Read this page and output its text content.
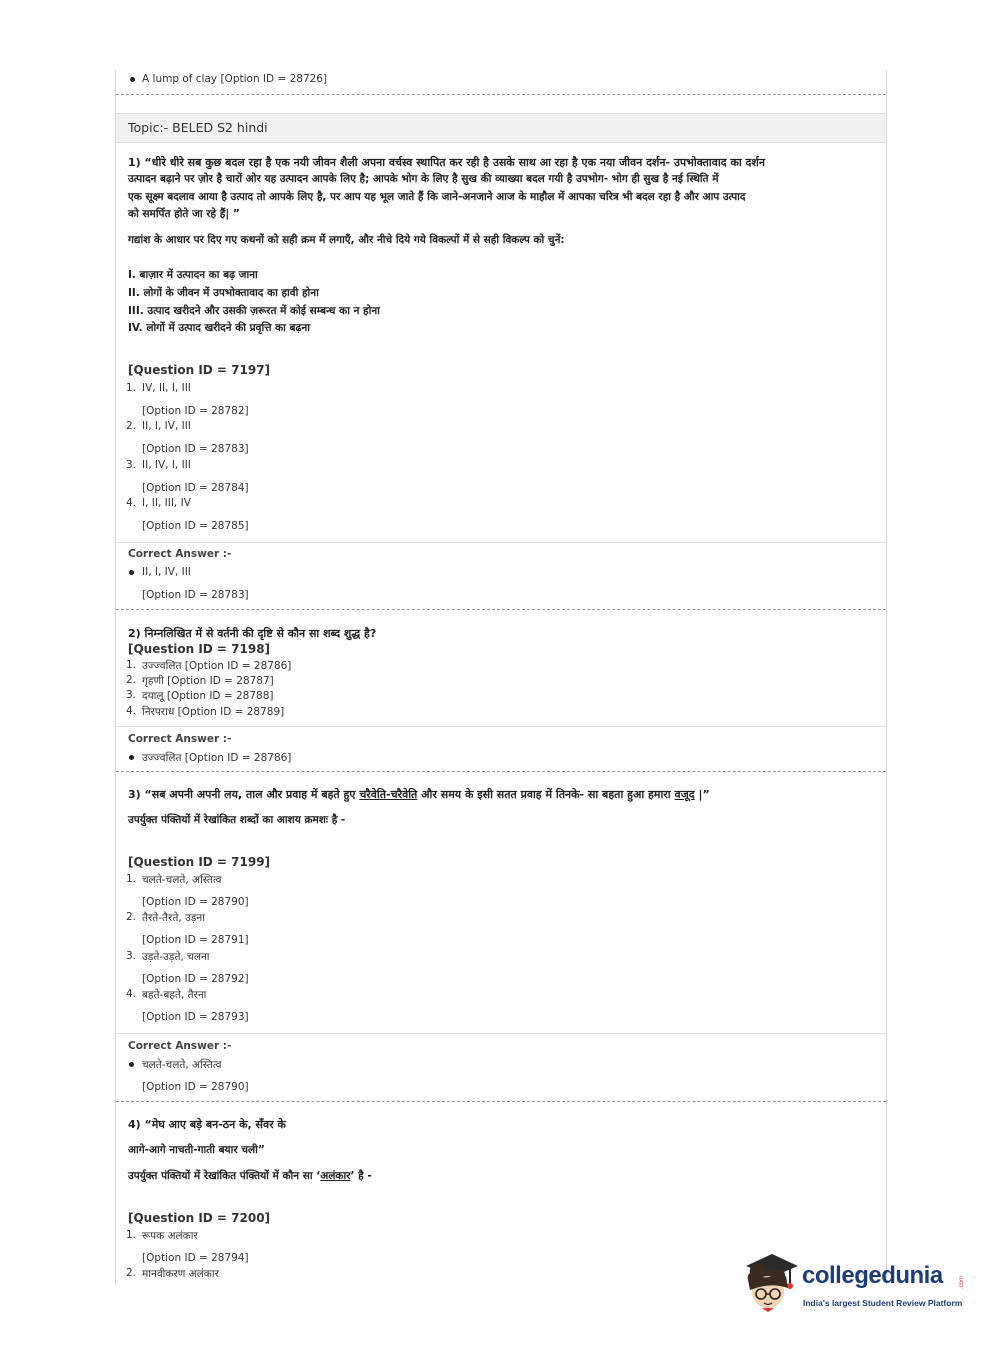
A lump of clay [Option ID = 28726]
Topic:- BELED S2 hindi
1) “धीरे धीरे सब कुछ बदल रहा है एक नयी जीवन शैली अपना वर्चस्व स्थापित कर रही है उसके साथ आ रहा है एक नया जीवन दर्शन- उपभोक्तावाद का दर्शन
उत्पादन बढ़ाने पर ज़ोर है चारों ओर यह उत्पादन आपके लिए है; आपके भोग के लिए है सुख की व्याख्या बदल गयी है उपभोग- भोग ही सुख है नई स्थिति में
एक सूक्ष्म बदलाव आया है उत्पाद तो आपके लिए है, पर आप यह भूल जाते हैं कि जाने-अनजाने आज के माहौल में आपका चरित्र भी बदल रहा है और आप उत्पाद
को समर्पित होते जा रहे हैं| ”
गद्यांश के आधार पर दिए गए कथनों को सही क्रम में लगाएँ, और नीचे दिये गये विकल्पों में से सही विकल्प को चुनें:
I. बाज़ार में उत्पादन का बढ़ जाना
II. लोगों के जीवन में उपभोक्तावाद का हावी होना
III. उत्पाद खरीदने और उसकी ज़रूरत में कोई सम्बन्ध का न होना
IV. लोगों में उत्पाद खरीदने की प्रवृत्ति का बढ़ना
[Question ID = 7197]
1. IV, II, I, III
[Option ID = 28782]
2. II, I, IV, III
[Option ID = 28783]
3. II, IV, I, III
[Option ID = 28784]
4. I, II, III, IV
[Option ID = 28785]
Correct Answer :-
II, I, IV, III
[Option ID = 28783]
2) निम्नलिखित में से वर्तनी की दृष्टि से कौन सा शब्द शुद्ध है?
[Question ID = 7198]
1. उज्ज्वलित [Option ID = 28786]
2. गृहणी [Option ID = 28787]
3. दयालू [Option ID = 28788]
4. निरपराध [Option ID = 28789]
Correct Answer :-
उज्ज्वलित [Option ID = 28786]
3) “सब अपनी अपनी लय, ताल और प्रवाह में बहते हुए चरैवेति-चरैवेति और समय के इसी सतत प्रवाह में तिनके- सा बहता हुआ हमारा वजूद |”
उपर्युक्त पंक्तियों में रेखांकित शब्दों का आशय क्रमशः है -
[Question ID = 7199]
1. चलते-चलते, अस्तित्व
[Option ID = 28790]
2. तैरते-तैरते, उड़ना
[Option ID = 28791]
3. उड़ते-उड़ते, चलना
[Option ID = 28792]
4. बहते-बहते, तैरना
[Option ID = 28793]
Correct Answer :-
चलते-चलते, अस्तित्व
[Option ID = 28790]
4) “मेघ आए बड़े बन-ठन के, सँवर के
आगे-आगे नाचती-गाती बयार चली”
उपर्युक्त पंक्तियों में रेखांकित पंक्तियों में कौन सा ‘अलंकार’ है -
[Question ID = 7200]
1. रूपक अलंकार
[Option ID = 28794]
2. मानवीकरण अलंकार	collegedunia	.com
India's largest Student Review Platform
